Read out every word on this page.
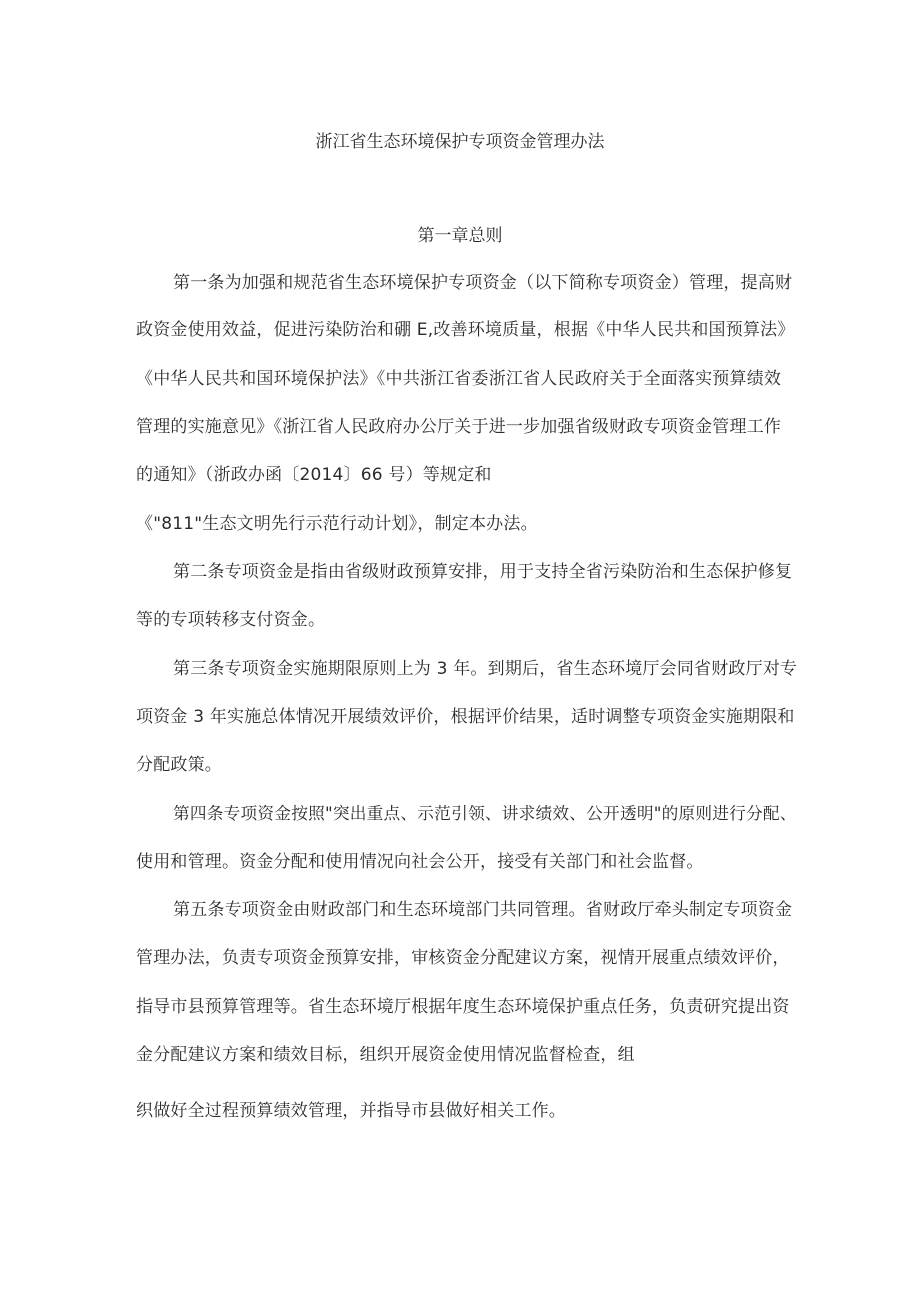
浙江省生态环境保护专项资金管理办法
第一章总则
第一条为加强和规范省生态环境保护专项资金（以下简称专项资金）管理，提高财
政资金使用效益，促进污染防治和硼 E,改善环境质量，根据《中华人民共和国预算法》
《中华人民共和国环境保护法》《中共浙江省委浙江省人民政府关于全面落实预算绩效
管理的实施意见》《浙江省人民政府办公厅关于进一步加强省级财政专项资金管理工作
的通知》（浙政办函〔2014〕66 号）等规定和
《"811"生态文明先行示范行动计划》，制定本办法。
第二条专项资金是指由省级财政预算安排，用于支持全省污染防治和生态保护修复
等的专项转移支付资金。
第三条专项资金实施期限原则上为 3 年。到期后，省生态环境厅会同省财政厅对专
项资金 3 年实施总体情况开展绩效评价，根据评价结果，适时调整专项资金实施期限和
分配政策。
第四条专项资金按照"突出重点、示范引领、讲求绩效、公开透明"的原则进行分配、
使用和管理。资金分配和使用情况向社会公开，接受有关部门和社会监督。
第五条专项资金由财政部门和生态环境部门共同管理。省财政厅牵头制定专项资金
管理办法，负责专项资金预算安排，审核资金分配建议方案，视情开展重点绩效评价，
指导市县预算管理等。省生态环境厅根据年度生态环境保护重点任务，负责研究提出资
金分配建议方案和绩效目标，组织开展资金使用情况监督检查，组
织做好全过程预算绩效管理，并指导市县做好相关工作。
